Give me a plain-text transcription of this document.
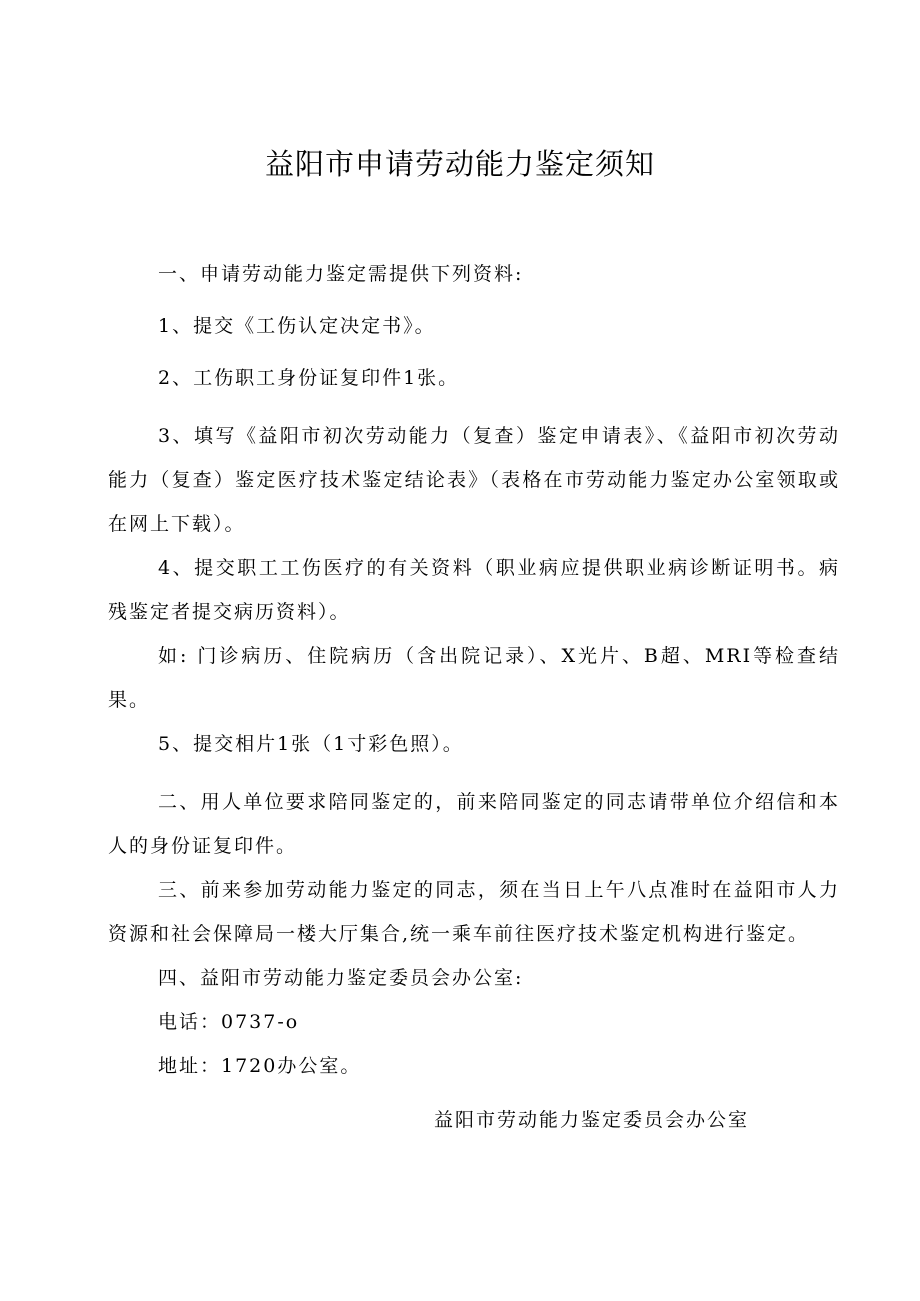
益阳市申请劳动能力鉴定须知

一、申请劳动能力鉴定需提供下列资料:

1、提交《工伤认定决定书》。

2、工伤职工身份证复印件1张。

3、填写《益阳市初次劳动能力（复查）鉴定申请表》、《益阳市初次劳动能力（复查）鉴定医疗技术鉴定结论表》（表格在市劳动能力鉴定办公室领取或在网上下载）。

4、提交职工工伤医疗的有关资料（职业病应提供职业病诊断证明书。病残鉴定者提交病历资料）。

如: 门诊病历、住院病历（含出院记录）、X光片、B超、MRI等检查结果。

5、提交相片1张（1寸彩色照）。

二、用人单位要求陪同鉴定的，前来陪同鉴定的同志请带单位介绍信和本人的身份证复印件。

三、前来参加劳动能力鉴定的同志，须在当日上午八点准时在益阳市人力资源和社会保障局一楼大厅集合,统一乘车前往医疗技术鉴定机构进行鉴定。

四、益阳市劳动能力鉴定委员会办公室:

电话：0737-o

地址：1720办公室。

益阳市劳动能力鉴定委员会办公室
